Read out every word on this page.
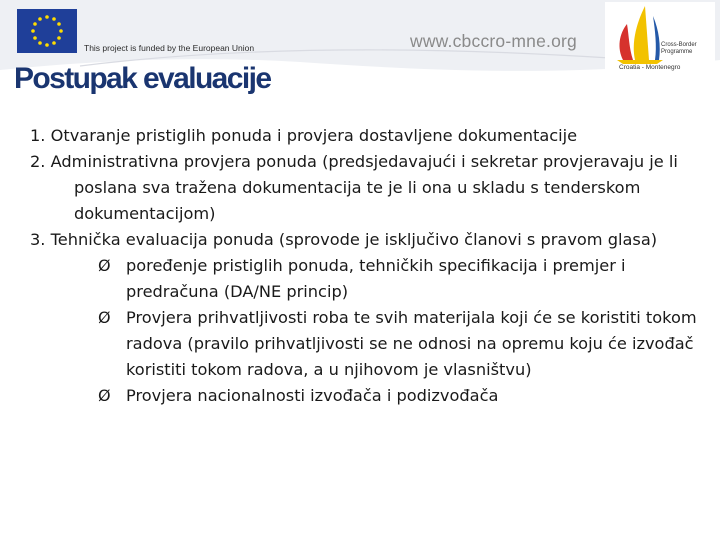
This project is funded by the European Union	www.cbccro-mne.org	Cross-Border
Programme
Croatia - Montenegro
Postupak evaluacije

1. Otvaranje pristiglih ponuda i provjera dostavljene dokumentacije

2. Administrativna provjera ponuda (predsjedavajući i sekretar provjeravaju je li poslana sva tražena dokumentacija te je li ona u skladu s tenderskom dokumentacijom)

3. Tehnička evaluacija ponuda (sprovode je isključivo članovi s pravom glasa)

Ø poređenje pristiglih ponuda, tehničkih specifikacija i premjer i predračuna (DA/NE princip)

Ø Provjera prihvatljivosti roba te svih materijala koji će se koristiti tokom radova (pravilo prihvatljivosti se ne odnosi na opremu koju će izvođač koristiti tokom radova, a u njihovom je vlasništvu)

Ø Provjera nacionalnosti izvođača i podizvođača
